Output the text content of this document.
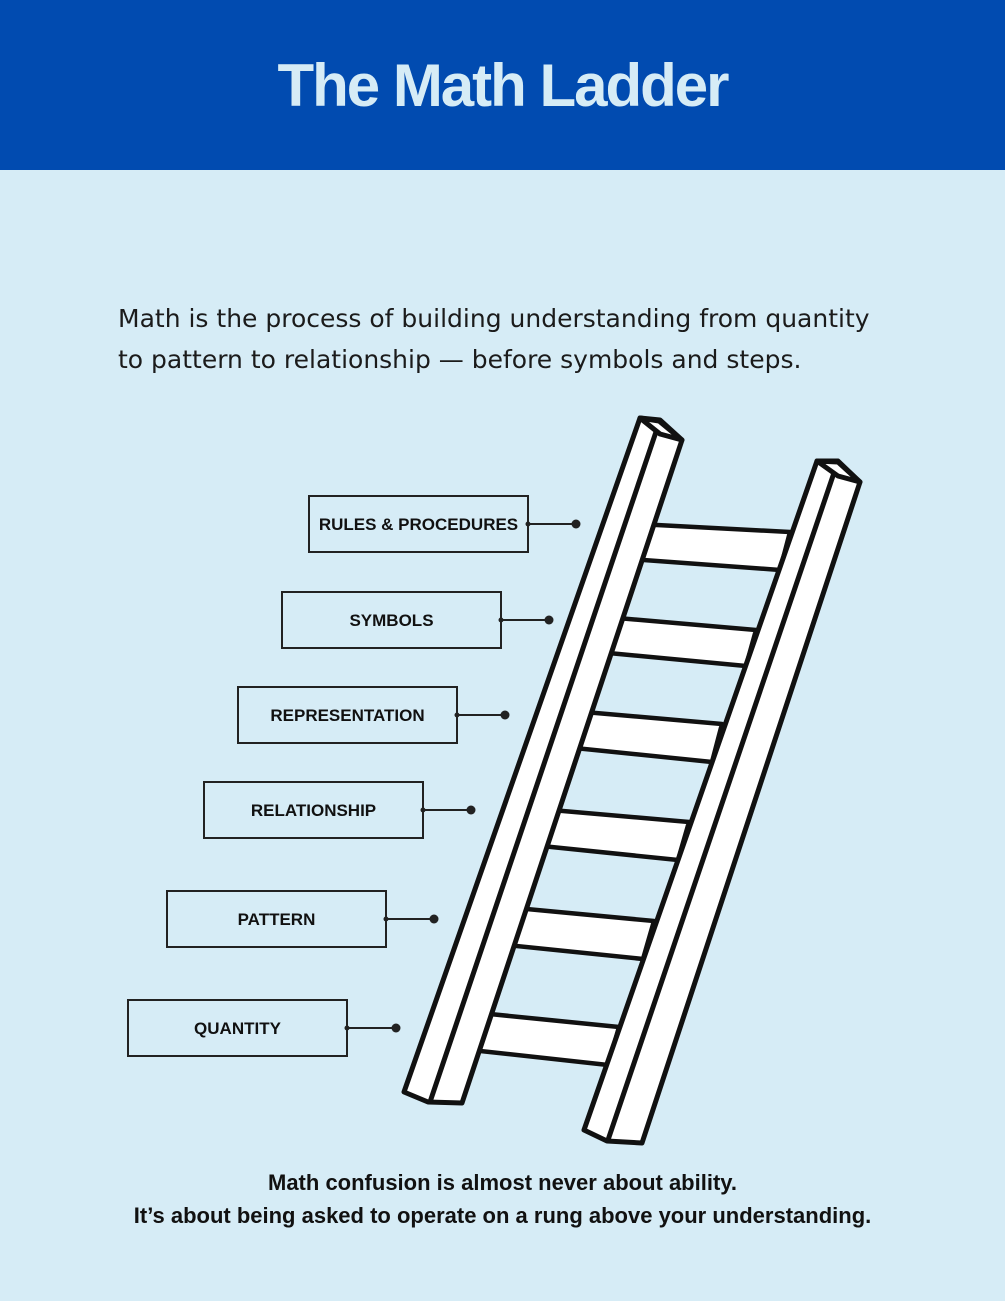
The Math Ladder

Math is the process of building understanding from quantity to pattern to relationship — before symbols and steps.

QUANTITY
PATTERN
RELATIONSHIP
REPRESENTATION
SYMBOLS
RULES & PROCEDURES

Math confusion is almost never about ability.

It’s about being asked to operate on a rung above your understanding.
